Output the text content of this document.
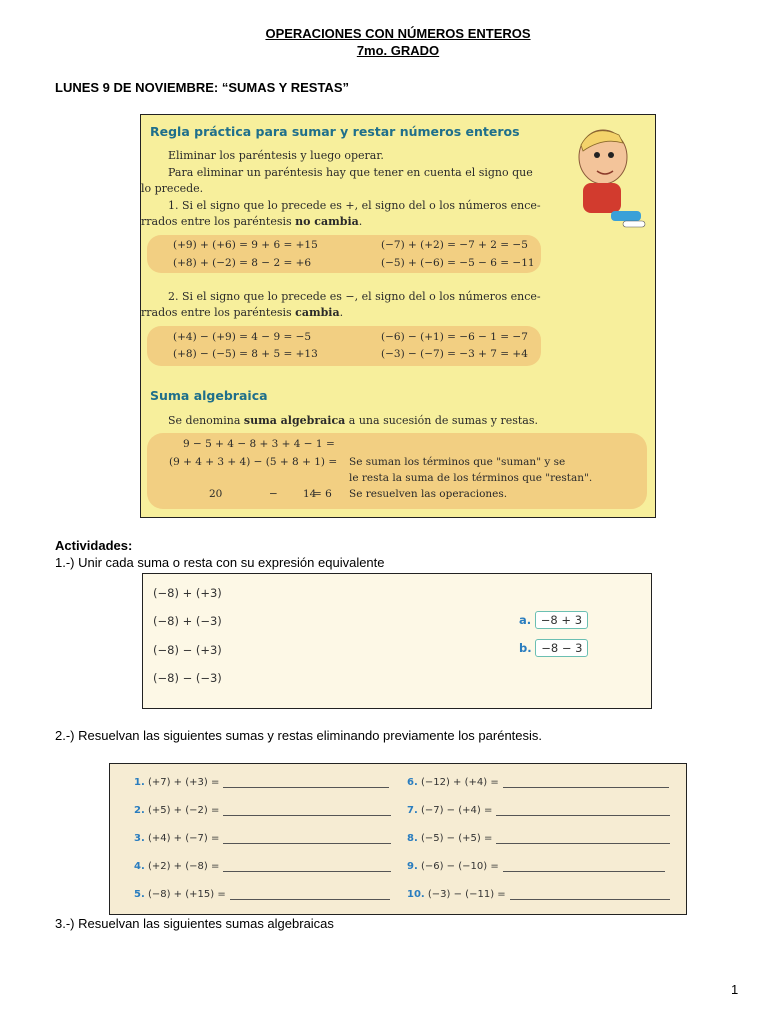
OPERACIONES CON NÚMEROS ENTEROS
7mo. GRADO
LUNES 9 DE NOVIEMBRE: “SUMAS Y RESTAS”
Regla práctica para sumar y restar números enteros

Eliminar los paréntesis y luego operar.

Para eliminar un paréntesis hay que tener en cuenta el signo que

lo precede.

1. Si el signo que lo precede es +, el signo del o los números ence-

rrados entre los paréntesis no cambia.

(+9) + (+6) = 9 + 6 = +15	(−7) + (+2) = −7 + 2 = −5
(+8) + (−2) = 8 − 2 = +6	(−5) + (−6) = −5 − 6 = −11

2. Si el signo que lo precede es −, el signo del o los números ence-

rrados entre los paréntesis cambia.

(+4) − (+9) = 4 − 9 = −5	(−6) − (+1) = −6 − 1 = −7
(+8) − (−5) = 8 + 5 = +13	(−3) − (−7) = −3 + 7 = +4
Suma algebraica

Se denomina suma algebraica a una sucesión de sumas y restas.

9 − 5 + 4 − 8 + 3 + 4 − 1 =
(9 + 4 + 3 + 4) − (5 + 8 + 1) =
20	− 14
= 6
Se suman los términos que "suman" y se
le resta la suma de los términos que "restan".
Se resuelven las operaciones.
Actividades:
1.-) Unir cada suma o resta con su expresión equivalente
(−8) + (+3)
(−8) + (−3)
(−8) − (+3)
(−8) − (−3)
a. −8 + 3
b. −8 − 3
2.-) Resuelvan las siguientes sumas y restas eliminando previamente los paréntesis.
1. (+7) + (+3) =
2. (+5) + (−2) =
3. (+4) + (−7) =
4. (+2) + (−8) =
5. (−8) + (+15) =
6. (−12) + (+4) =
7. (−7) − (+4) =
8. (−5) − (+5) =
9. (−6) − (−10) =
10. (−3) − (−11) =
3.-) Resuelvan las siguientes sumas algebraicas
1
